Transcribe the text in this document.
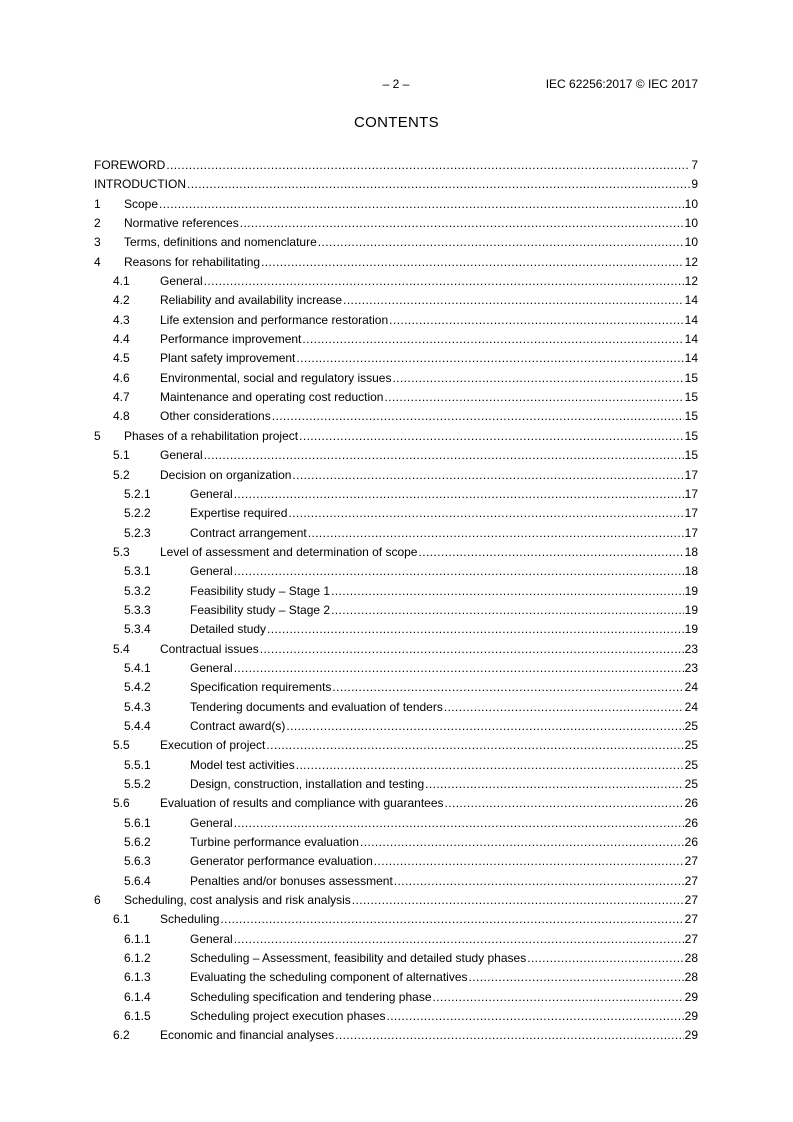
– 2 –	IEC 62256:2017 © IEC 2017
CONTENTS
FOREWORD .....	7
INTRODUCTION .....	9
1	Scope .....	10
2	Normative references .....	10
3	Terms, definitions and nomenclature .....	10
4	Reasons for rehabilitating .....	12
4.1	General .....	12
4.2	Reliability and availability increase .....	14
4.3	Life extension and performance restoration .....	14
4.4	Performance improvement .....	14
4.5	Plant safety improvement .....	14
4.6	Environmental, social and regulatory issues .....	15
4.7	Maintenance and operating cost reduction .....	15
4.8	Other considerations .....	15
5	Phases of a rehabilitation project .....	15
5.1	General .....	15
5.2	Decision on organization .....	17
5.2.1	General .....	17
5.2.2	Expertise required .....	17
5.2.3	Contract arrangement .....	17
5.3	Level of assessment and determination of scope .....	18
5.3.1	General .....	18
5.3.2	Feasibility study – Stage 1 .....	19
5.3.3	Feasibility study – Stage 2 .....	19
5.3.4	Detailed study .....	19
5.4	Contractual issues .....	23
5.4.1	General .....	23
5.4.2	Specification requirements .....	24
5.4.3	Tendering documents and evaluation of tenders .....	24
5.4.4	Contract award(s) .....	25
5.5	Execution of project .....	25
5.5.1	Model test activities .....	25
5.5.2	Design, construction, installation and testing .....	25
5.6	Evaluation of results and compliance with guarantees .....	26
5.6.1	General .....	26
5.6.2	Turbine performance evaluation .....	26
5.6.3	Generator performance evaluation .....	27
5.6.4	Penalties and/or bonuses assessment .....	27
6	Scheduling, cost analysis and risk analysis .....	27
6.1	Scheduling .....	27
6.1.1	General .....	27
6.1.2	Scheduling – Assessment, feasibility and detailed study phases .....	28
6.1.3	Evaluating the scheduling component of alternatives .....	28
6.1.4	Scheduling specification and tendering phase .....	29
6.1.5	Scheduling project execution phases .....	29
6.2	Economic and financial analyses .....	29
